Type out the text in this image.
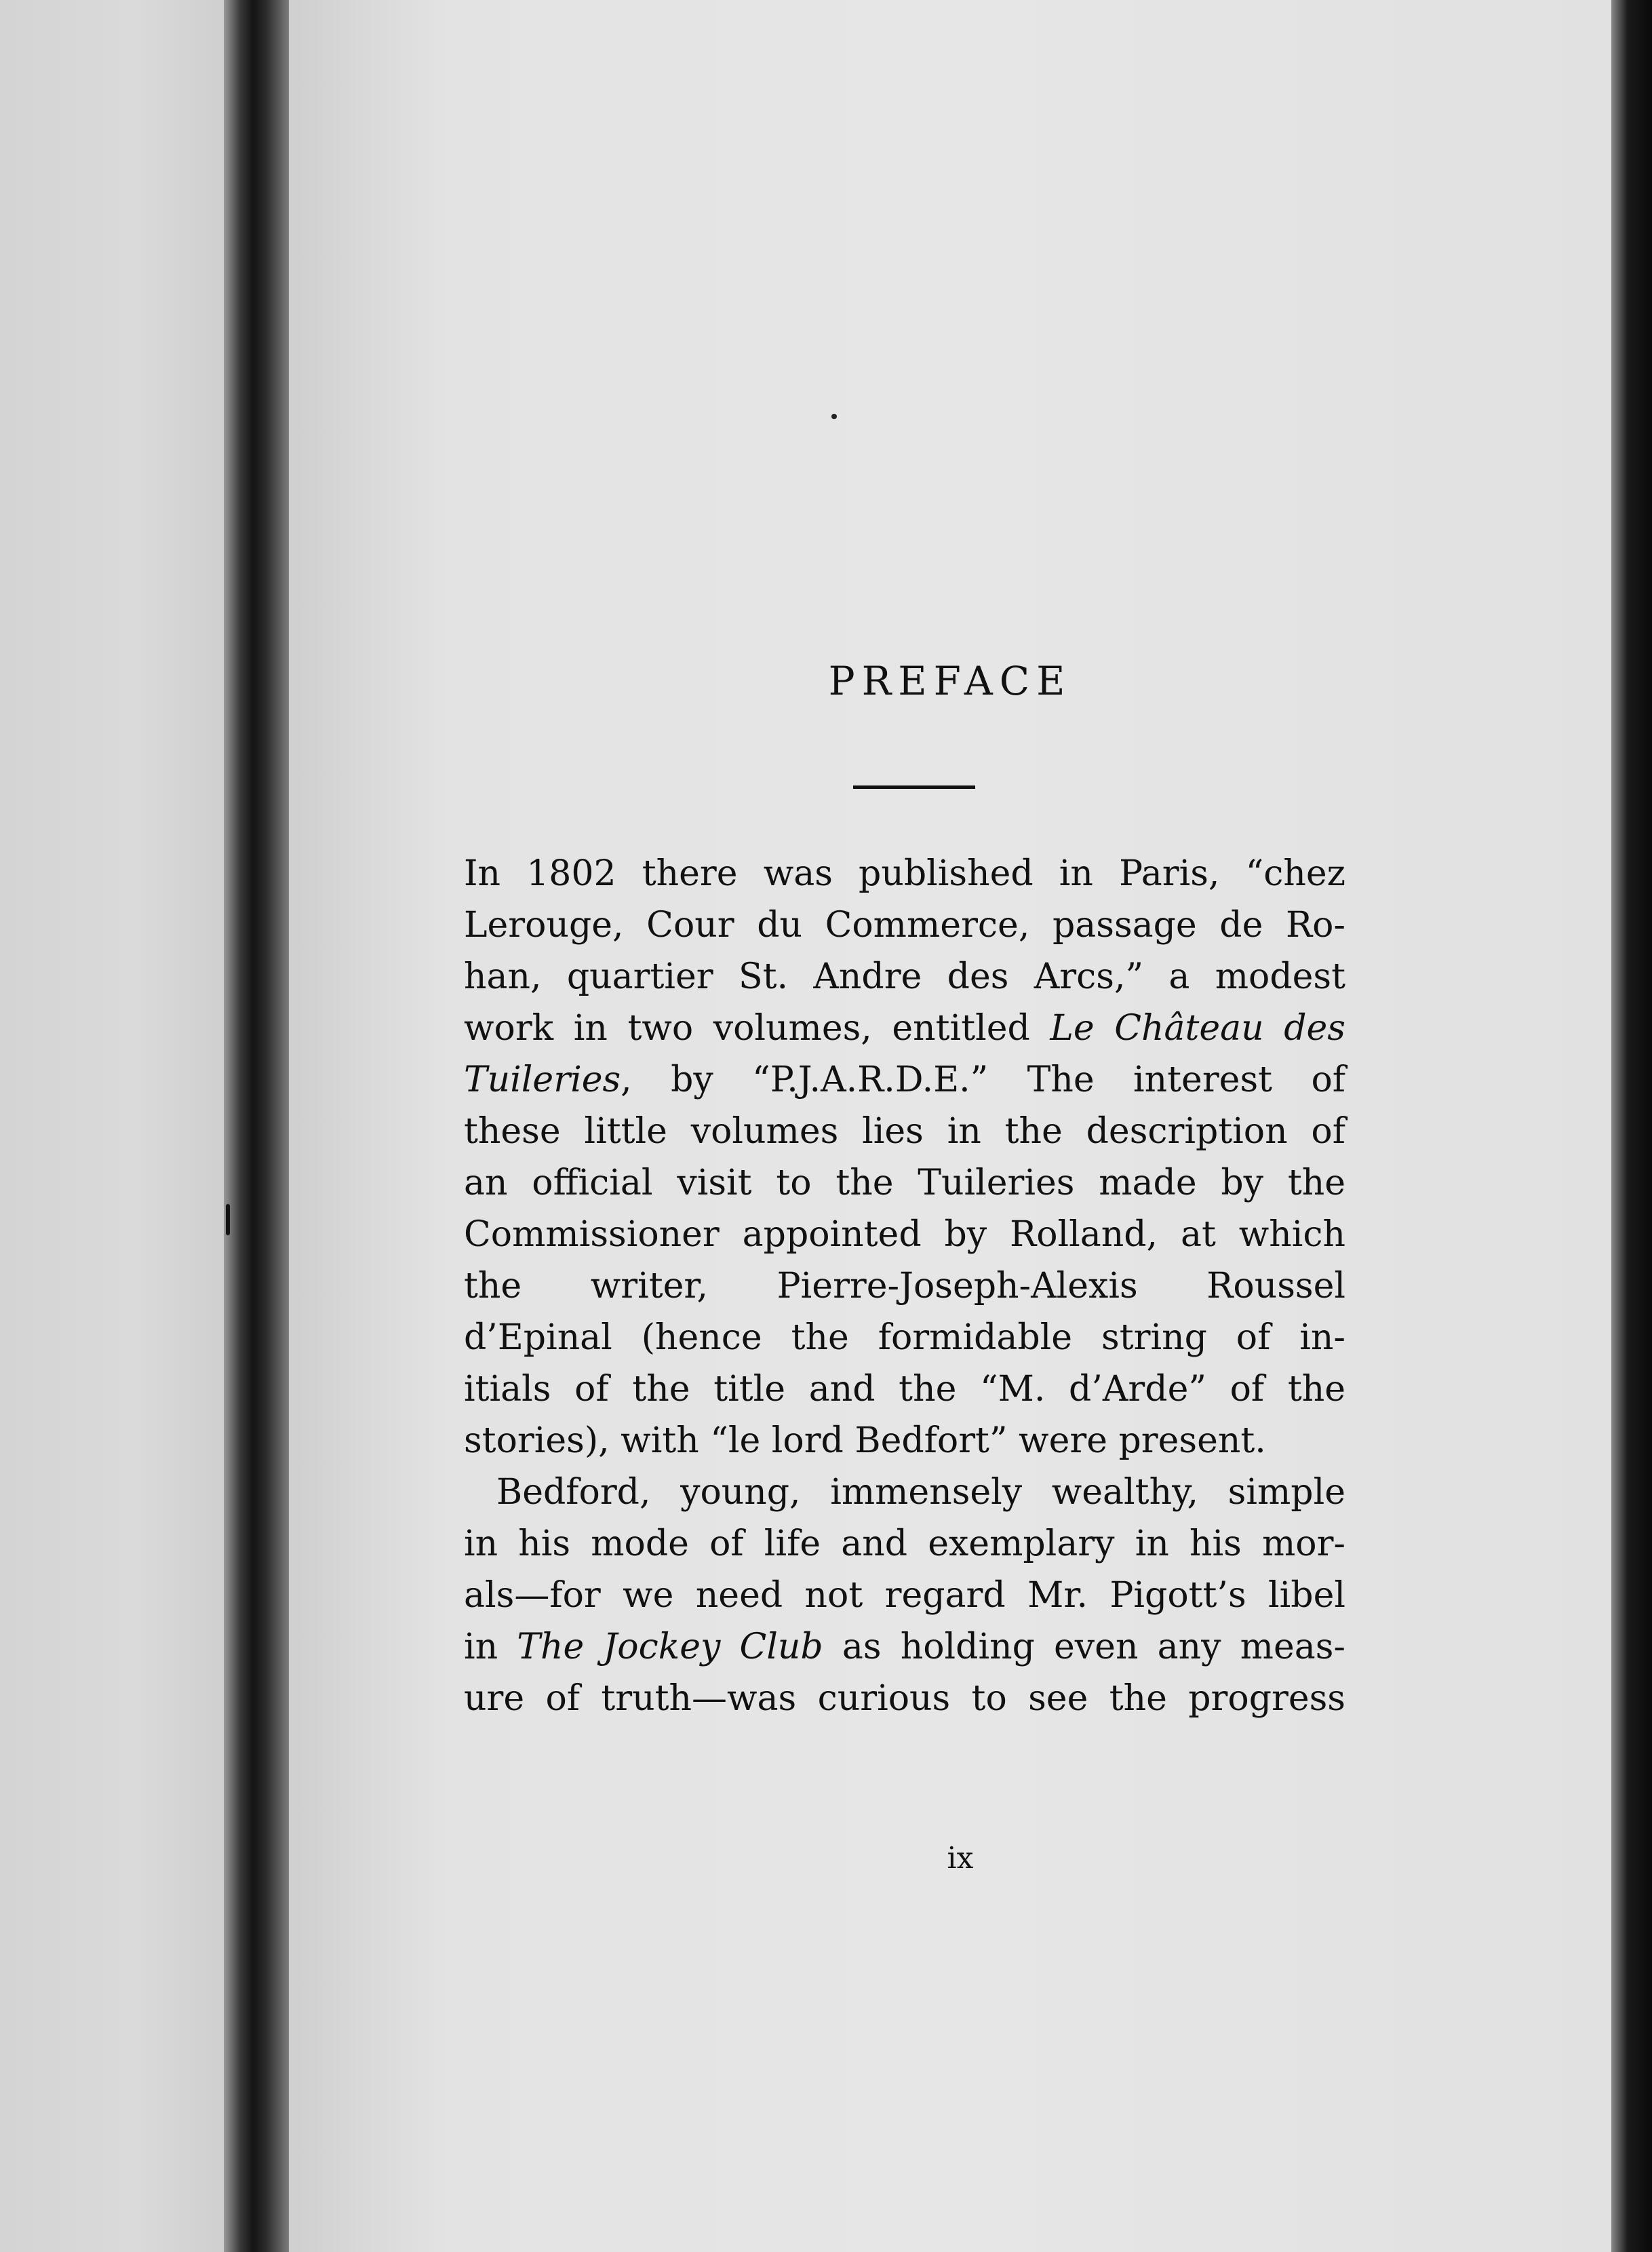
PREFACE
In 1802 there was published in Paris, “chez
Lerouge, Cour du Commerce, passage de Ro-
han, quartier St. Andre des Arcs,” a modest
work in two volumes, entitled Le Château des
Tuileries, by “P.J.A.R.D.E.” The interest of
these little volumes lies in the description of
an official visit to the Tuileries made by the
Commissioner appointed by Rolland, at which
the writer, Pierre-Joseph-Alexis Roussel
d’Epinal (hence the formidable string of in-
itials of the title and the “M. d’Arde” of the
stories), with “le lord Bedfort” were present.
Bedford, young, immensely wealthy, simple
in his mode of life and exemplary in his mor-
als—for we need not regard Mr. Pigott’s libel
in The Jockey Club as holding even any meas-
ure of truth—was curious to see the progress
ix
